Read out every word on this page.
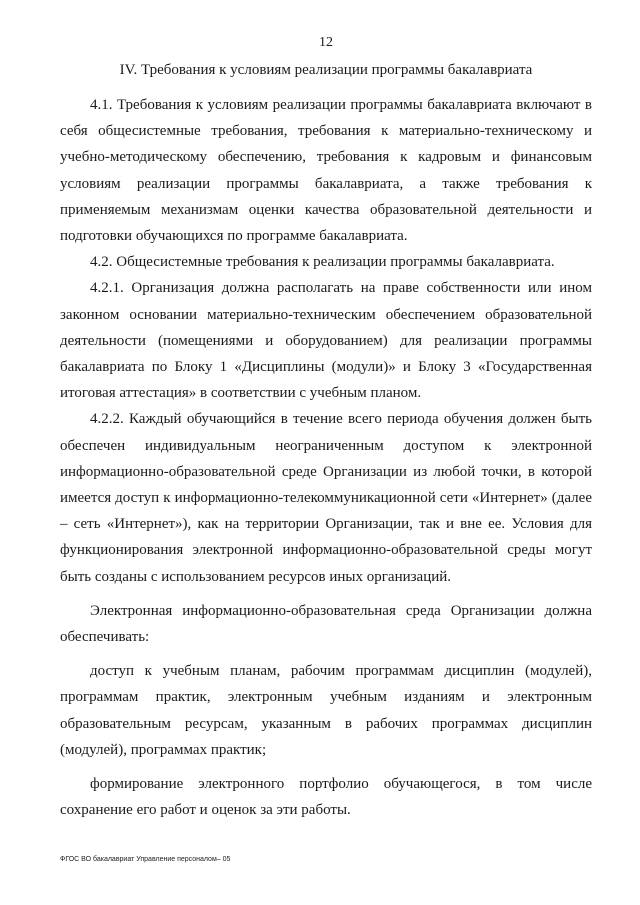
12
IV. Требования к условиям реализации программы бакалавриата

4.1. Требования к условиям реализации программы бакалавриата включают в себя общесистемные требования, требования к материально-техническому и учебно-методическому обеспечению, требования к кадровым и финансовым условиям реализации программы бакалавриата, а также требования к применяемым механизмам оценки качества образовательной деятельности и подготовки обучающихся по программе бакалавриата.

4.2. Общесистемные требования к реализации программы бакалавриата.

4.2.1. Организация должна располагать на праве собственности или ином законном основании материально-техническим обеспечением образовательной деятельности (помещениями и оборудованием) для реализации программы бакалавриата по Блоку 1 «Дисциплины (модули)» и Блоку 3 «Государственная итоговая аттестация» в соответствии с учебным планом.

4.2.2. Каждый обучающийся в течение всего периода обучения должен быть обеспечен индивидуальным неограниченным доступом к электронной информационно-образовательной среде Организации из любой точки, в которой имеется доступ к информационно-телекоммуникационной сети «Интернет» (далее – сеть «Интернет»), как на территории Организации, так и вне ее. Условия для функционирования электронной информационно-образовательной среды могут быть созданы с использованием ресурсов иных организаций.

Электронная информационно-образовательная среда Организации должна обеспечивать:

доступ к учебным планам, рабочим программам дисциплин (модулей), программам практик, электронным учебным изданиям и электронным образовательным ресурсам, указанным в рабочих программах дисциплин (модулей), программах практик;

формирование электронного портфолио обучающегося, в том числе сохранение его работ и оценок за эти работы.

ФГОС ВО бакалавриат Управление персоналом– 05
